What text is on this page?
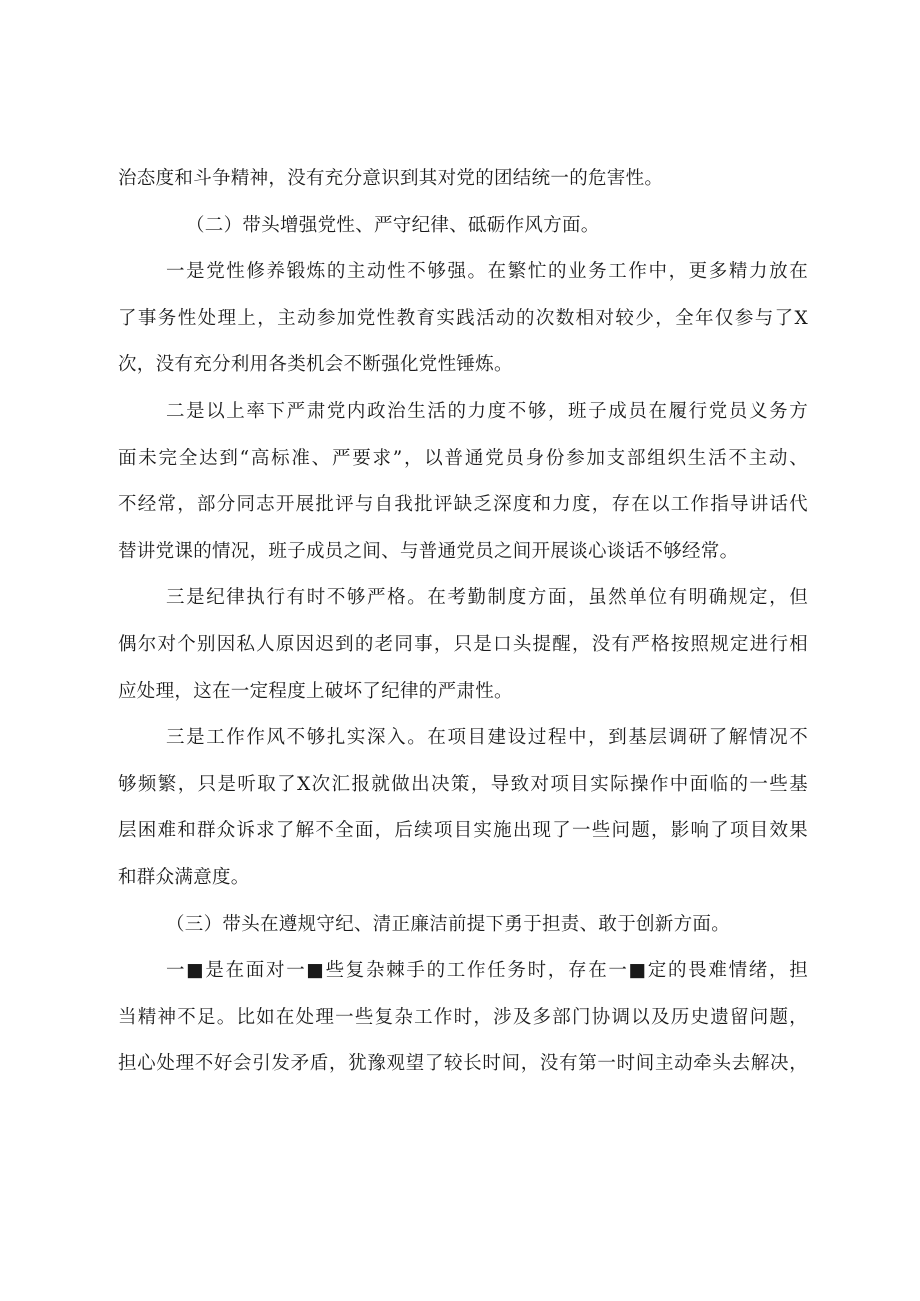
治态度和斗争精神，没有充分意识到其对党的团结统一的危害性。
（二）带头增强党性、严守纪律、砥砺作风方面。
一是党性修养锻炼的主动性不够强。在繁忙的业务工作中，更多精力放在
了事务性处理上，主动参加党性教育实践活动的次数相对较少，全年仅参与了X
次，没有充分利用各类机会不断强化党性锤炼。
二是以上率下严肃党内政治生活的力度不够，班子成员在履行党员义务方
面未完全达到“高标准、严要求”，以普通党员身份参加支部组织生活不主动、
不经常，部分同志开展批评与自我批评缺乏深度和力度，存在以工作指导讲话代
替讲党课的情况，班子成员之间、与普通党员之间开展谈心谈话不够经常。
三是纪律执行有时不够严格。在考勤制度方面，虽然单位有明确规定，但
偶尔对个别因私人原因迟到的老同事，只是口头提醒，没有严格按照规定进行相
应处理，这在一定程度上破坏了纪律的严肃性。
三是工作作风不够扎实深入。在项目建设过程中，到基层调研了解情况不
够频繁，只是听取了X次汇报就做出决策，导致对项目实际操作中面临的一些基
层困难和群众诉求了解不全面，后续项目实施出现了一些问题，影响了项目效果
和群众满意度。
（三）带头在遵规守纪、清正廉洁前提下勇于担责、敢于创新方面。
一■是在面对一■些复杂棘手的工作任务时，存在一■定的畏难情绪，担
当精神不足。比如在处理一些复杂工作时，涉及多部门协调以及历史遗留问题，
担心处理不好会引发矛盾，犹豫观望了较长时间，没有第一时间主动牵头去解决，
